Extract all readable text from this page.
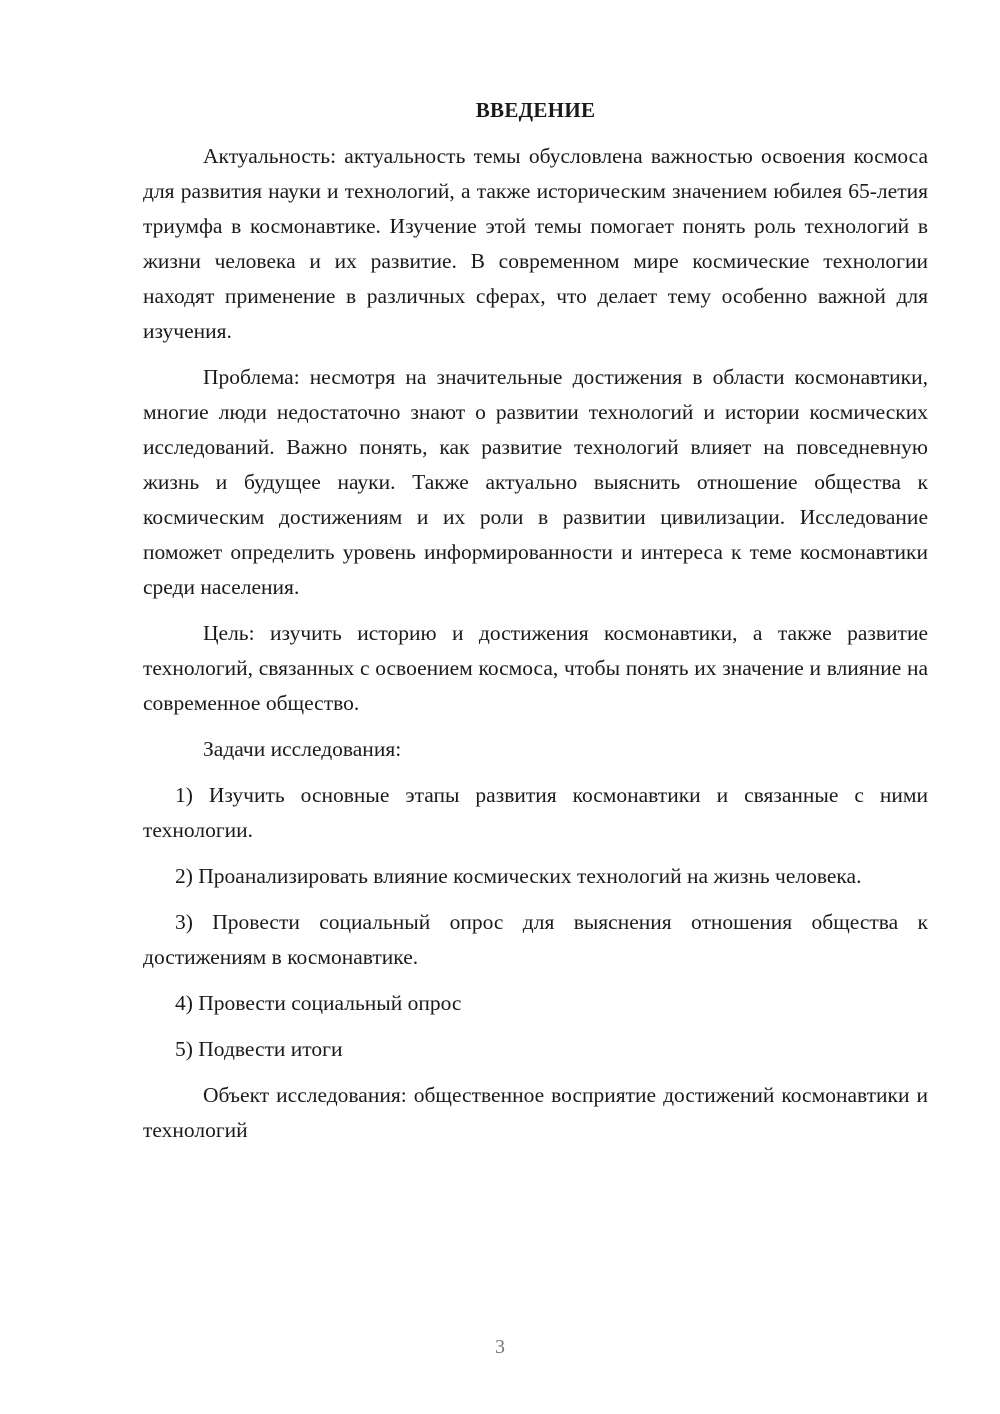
ВВЕДЕНИЕ

Актуальность: актуальность темы обусловлена важностью освоения космоса для развития науки и технологий, а также историческим значением юбилея 65-летия триумфа в космонавтике. Изучение этой темы помогает понять роль технологий в жизни человека и их развитие. В современном мире космические технологии находят применение в различных сферах, что делает тему особенно важной для изучения.

Проблема: несмотря на значительные достижения в области космонавтики, многие люди недостаточно знают о развитии технологий и истории космических исследований. Важно понять, как развитие технологий влияет на повседневную жизнь и будущее науки. Также актуально выяснить отношение общества к космическим достижениям и их роли в развитии цивилизации. Исследование поможет определить уровень информированности и интереса к теме космонавтики среди населения.

Цель: изучить историю и достижения космонавтики, а также развитие технологий, связанных с освоением космоса, чтобы понять их значение и влияние на современное общество.

Задачи исследования:

1) Изучить основные этапы развития космонавтики и связанные с ними технологии.

2) Проанализировать влияние космических технологий на жизнь человека.

3) Провести социальный опрос для выяснения отношения общества к достижениям в космонавтике.

4) Провести социальный опрос

5) Подвести итоги

Объект исследования: общественное восприятие достижений космонавтики и технологий

3
